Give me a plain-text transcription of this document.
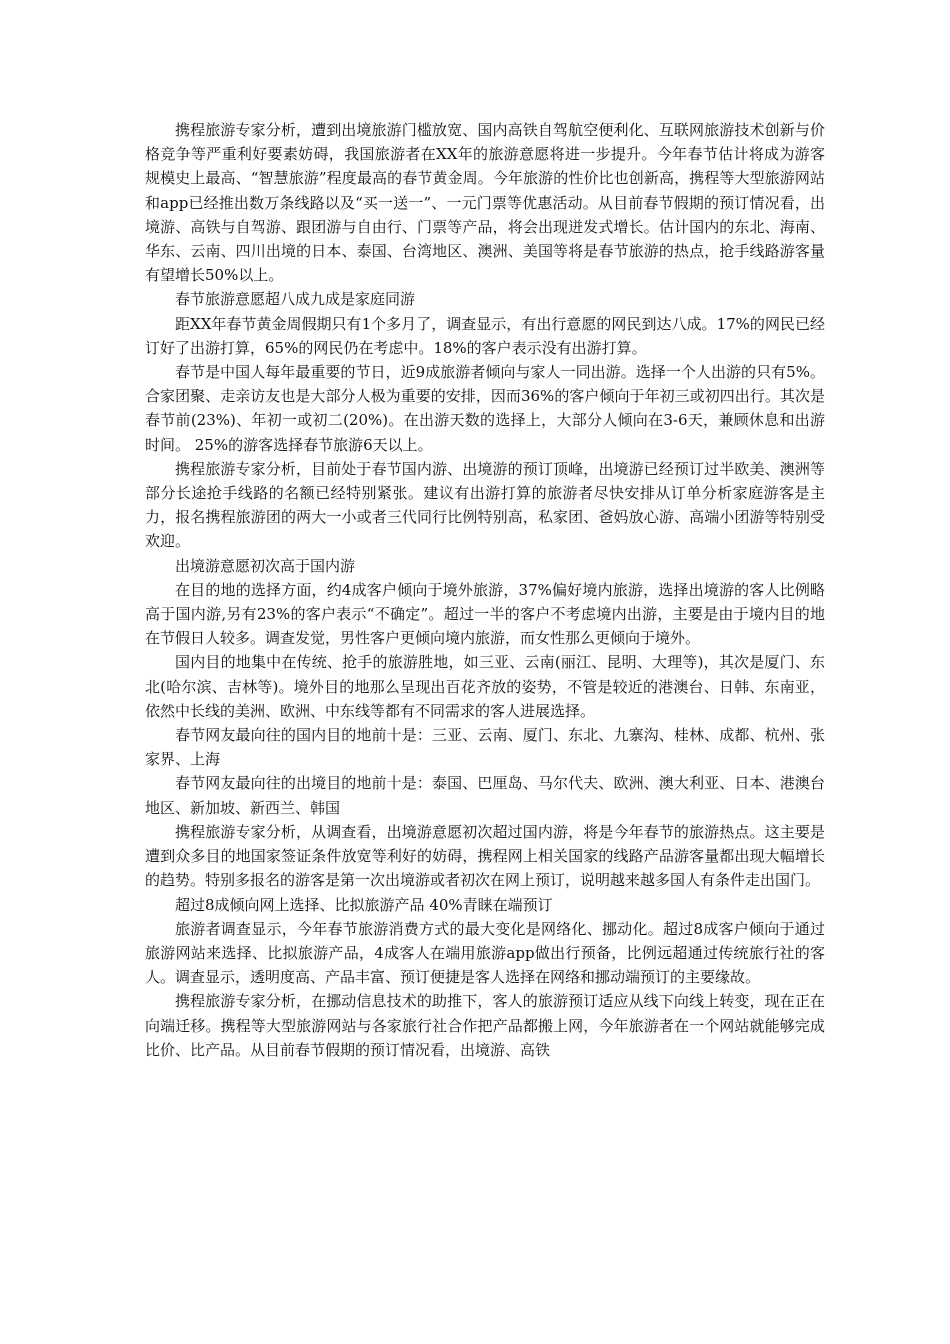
携程旅游专家分析，遭到出境旅游门槛放宽、国内高铁自驾航空便利化、互联网旅游技术创新与价格竞争等严重利好要素妨碍，我国旅游者在XX年的旅游意愿将进一步提升。今年春节估计将成为游客规模史上最高、“智慧旅游”程度最高的春节黄金周。今年旅游的性价比也创新高，携程等大型旅游网站和app已经推出数万条线路以及“买一送一”、一元门票等优惠活动。从目前春节假期的预订情况看，出境游、高铁与自驾游、跟团游与自由行、门票等产品，将会出现迸发式增长。估计国内的东北、海南、华东、云南、四川出境的日本、泰国、台湾地区、澳洲、美国等将是春节旅游的热点，抢手线路游客量有望增长50%以上。

春节旅游意愿超八成九成是家庭同游

距XX年春节黄金周假期只有1个多月了，调查显示，有出行意愿的网民到达八成。17%的网民已经订好了出游打算，65%的网民仍在考虑中。18%的客户表示没有出游打算。

春节是中国人每年最重要的节日，近9成旅游者倾向与家人一同出游。选择一个人出游的只有5%。合家团聚、走亲访友也是大部分人极为重要的安排，因而36%的客户倾向于年初三或初四出行。其次是春节前(23%)、年初一或初二(20%)。在出游天数的选择上，大部分人倾向在3-6天，兼顾休息和出游时间。 25%的游客选择春节旅游6天以上。

携程旅游专家分析，目前处于春节国内游、出境游的预订顶峰，出境游已经预订过半欧美、澳洲等部分长途抢手线路的名额已经特别紧张。建议有出游打算的旅游者尽快安排从订单分析家庭游客是主力，报名携程旅游团的两大一小或者三代同行比例特别高，私家团、爸妈放心游、高端小团游等特别受欢迎。

出境游意愿初次高于国内游

在目的地的选择方面，约4成客户倾向于境外旅游，37%偏好境内旅游，选择出境游的客人比例略高于国内游,另有23%的客户表示“不确定”。超过一半的客户不考虑境内出游，主要是由于境内目的地在节假日人较多。调查发觉，男性客户更倾向境内旅游，而女性那么更倾向于境外。

国内目的地集中在传统、抢手的旅游胜地，如三亚、云南(丽江、昆明、大理等)，其次是厦门、东北(哈尔滨、吉林等)。境外目的地那么呈现出百花齐放的姿势，不管是较近的港澳台、日韩、东南亚，依然中长线的美洲、欧洲、中东线等都有不同需求的客人进展选择。

春节网友最向往的国内目的地前十是：三亚、云南、厦门、东北、九寨沟、桂林、成都、杭州、张家界、上海

春节网友最向往的出境目的地前十是：泰国、巴厘岛、马尔代夫、欧洲、澳大利亚、日本、港澳台地区、新加坡、新西兰、韩国

携程旅游专家分析，从调查看，出境游意愿初次超过国内游，将是今年春节的旅游热点。这主要是遭到众多目的地国家签证条件放宽等利好的妨碍，携程网上相关国家的线路产品游客量都出现大幅增长的趋势。特别多报名的游客是第一次出境游或者初次在网上预订，说明越来越多国人有条件走出国门。

超过8成倾向网上选择、比拟旅游产品 40%青睐在端预订

旅游者调查显示，今年春节旅游消费方式的最大变化是网络化、挪动化。超过8成客户倾向于通过旅游网站来选择、比拟旅游产品，4成客人在端用旅游app做出行预备，比例远超通过传统旅行社的客人。调查显示，透明度高、产品丰富、预订便捷是客人选择在网络和挪动端预订的主要缘故。

携程旅游专家分析，在挪动信息技术的助推下，客人的旅游预订适应从线下向线上转变，现在正在向端迁移。携程等大型旅游网站与各家旅行社合作把产品都搬上网，今年旅游者在一个网站就能够完成比价、比产品。从目前春节假期的预订情况看，出境游、高铁
